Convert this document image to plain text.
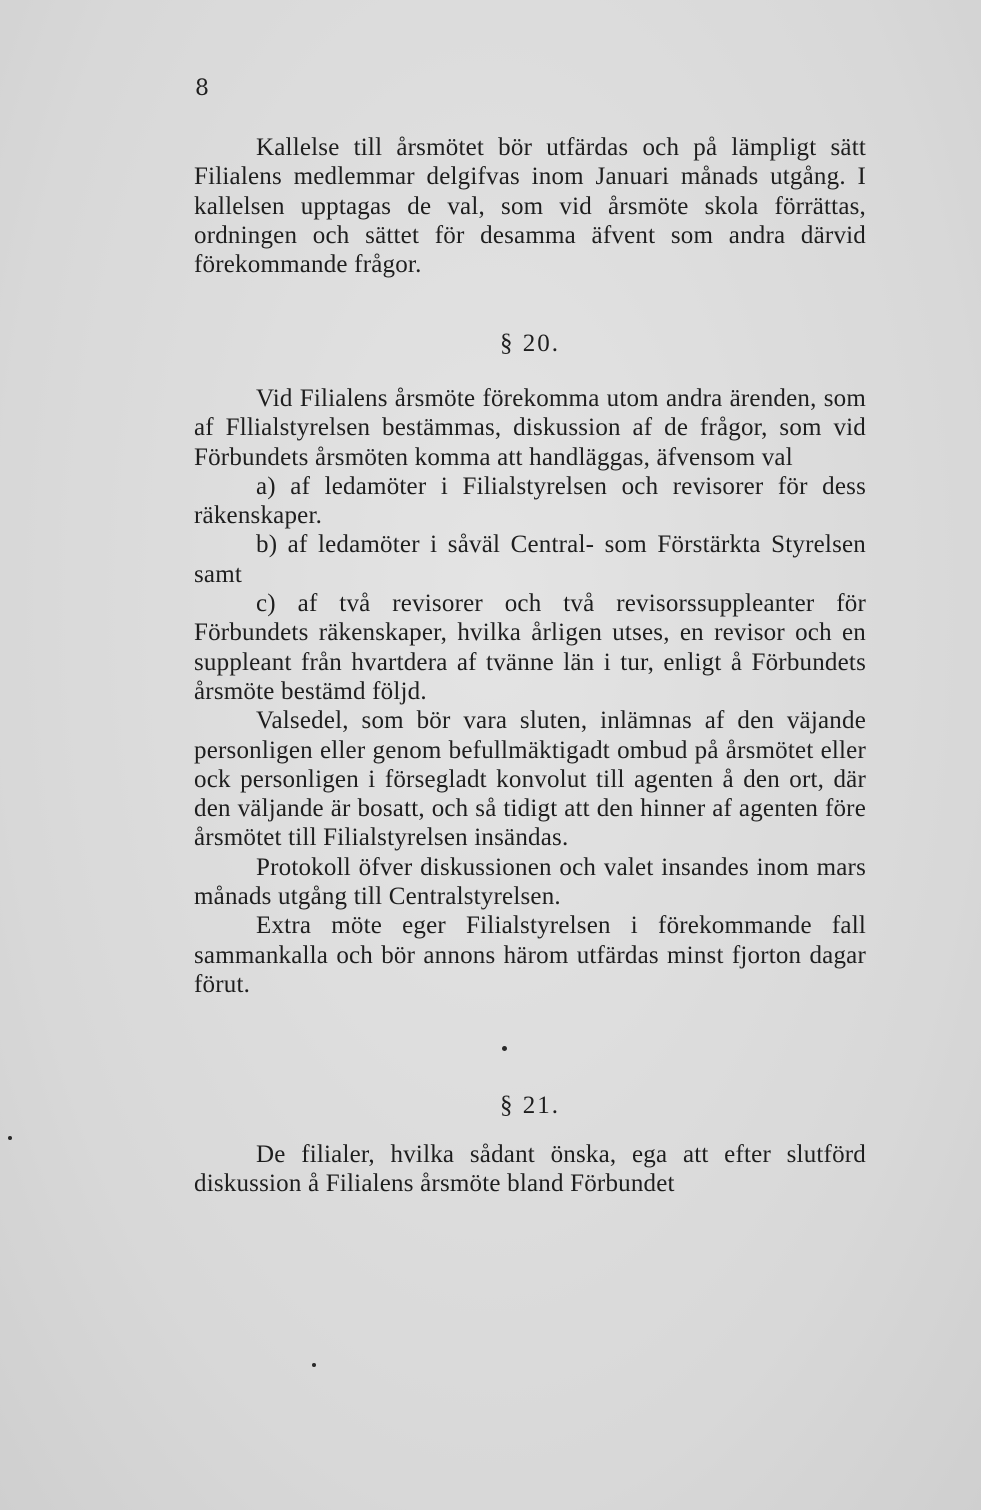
8

Kallelse till årsmötet bör utfärdas och på lämpligt sätt Filialens medlemmar delgifvas inom Januari månads utgång. I kallelsen upptagas de val, som vid årsmöte skola förrättas, ordningen och sättet för desamma äfvent som andra därvid förekommande frågor.

§ 20.

Vid Filialens årsmöte förekomma utom andra ärenden, som af Fllialstyrelsen bestämmas, diskussion af de frågor, som vid Förbundets årsmöten komma att handläggas, äfvensom val

a) af ledamöter i Filialstyrelsen och revisorer för dess räkenskaper.

b) af ledamöter i såväl Central- som Förstärkta Styrelsen samt

c) af två revisorer och två revisorssuppleanter för Förbundets räkenskaper, hvilka årligen utses, en revisor och en suppleant från hvartdera af tvänne län i tur, enligt å Förbundets årsmöte bestämd följd.

Valsedel, som bör vara sluten, inlämnas af den väjande personligen eller genom befullmäktigadt ombud på årsmötet eller ock personligen i försegladt konvolut till agenten å den ort, där den väljande är bosatt, och så tidigt att den hinner af agenten före årsmötet till Filialstyrelsen insändas.

Protokoll öfver diskussionen och valet insandes inom mars månads utgång till Centralstyrelsen.

Extra möte eger Filialstyrelsen i förekommande fall sammankalla och bör annons härom utfärdas minst fjorton dagar förut.

§ 21.

De filialer, hvilka sådant önska, ega att efter slutförd diskussion å Filialens årsmöte bland Förbundet
